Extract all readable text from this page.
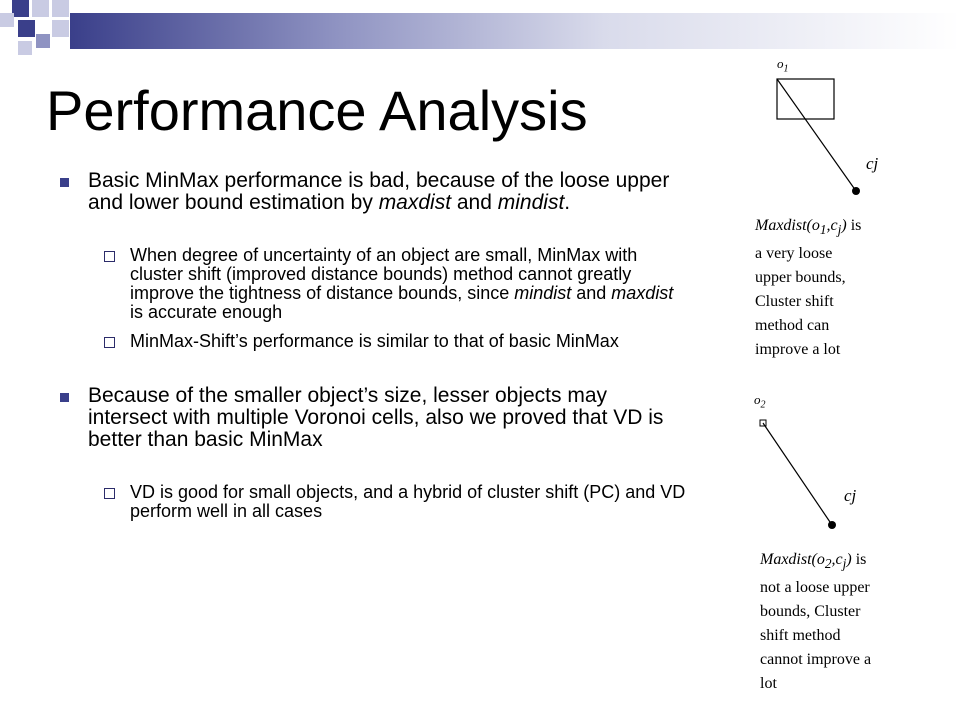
Performance Analysis
Basic MinMax performance is bad, because of the loose upper and lower bound estimation by maxdist and mindist.
When degree of uncertainty of an object are small, MinMax with cluster shift (improved distance bounds) method cannot greatly improve the tightness of distance bounds, since mindist and maxdist is accurate enough
MinMax-Shift’s performance is similar to that of basic MinMax
Because of the smaller object’s size, lesser objects may intersect with multiple Voronoi cells, also we proved that VD is better than basic MinMax
VD is good for small objects, and a hybrid of cluster shift (PC) and VD perform well in all cases
$o_1$
cj
$Maxdist(o_1,c_j)$ is
a very loose
upper bounds,
Cluster shift
method can
improve a lot
$o_2$
cj
$Maxdist(o_2,c_j)$ is
not a loose upper
bounds, Cluster
shift method
cannot improve a
lot
